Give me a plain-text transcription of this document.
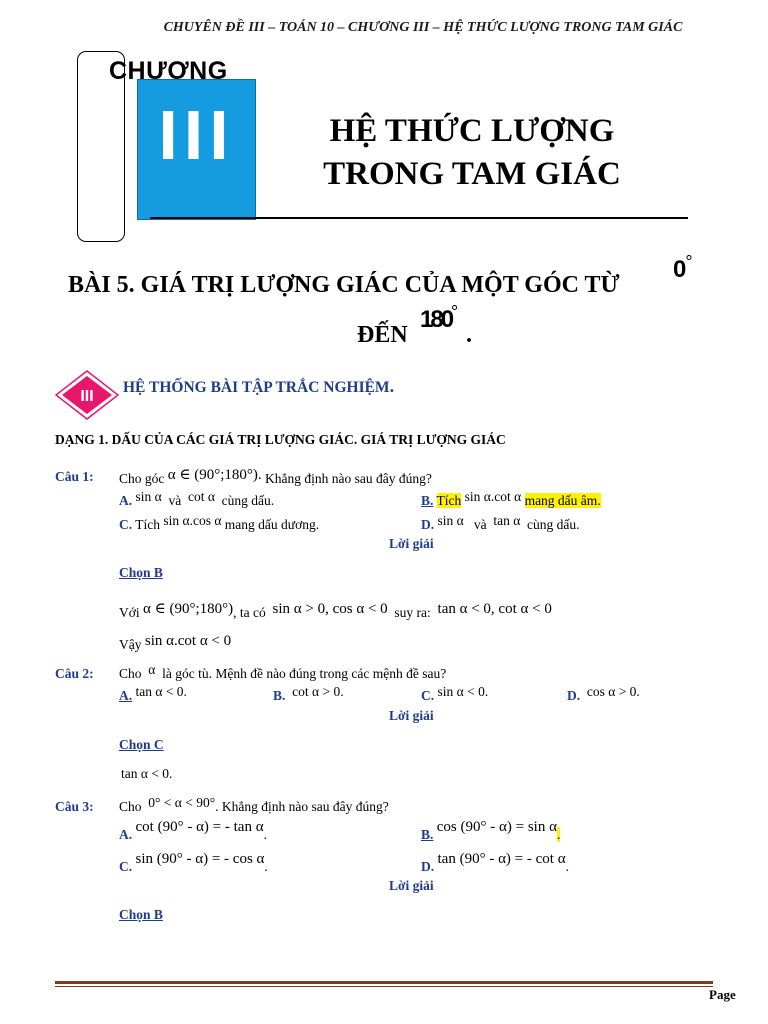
CHUYÊN ĐỀ III – TOÁN 10 – CHƯƠNG III – HỆ THỨC LƯỢNG TRONG TAM GIÁC
CHƯƠNG
III	HỆ THỨC LƯỢNG
TRONG TAM GIÁC
BÀI 5. GIÁ TRỊ LƯỢNG GIÁC CỦA MỘT GÓC TỪ
0°
ĐẾN
180°
.
III
HỆ THỐNG BÀI TẬP TRẮC NGHIỆM.
DẠNG 1. DẤU CỦA CÁC GIÁ TRỊ LƯỢNG GIÁC. GIÁ TRỊ LƯỢNG GIÁC
Câu 1: Cho góc α ∈ (90°;180°). Khẳng định nào sau đây đúng?
A. sin α và cot α cùng dấu.	B. Tích sin α.cot α mang dấu âm.
C. Tích sin α.cos α mang dấu dương.	D. sin α và tan α cùng dấu.
Lời giải
Chọn B
Với α ∈ (90°;180°), ta có sin α > 0, cos α < 0 suy ra: tan α < 0, cot α < 0
Vậy sin α.cot α < 0
Câu 2: Cho α là góc tù. Mệnh đề nào đúng trong các mệnh đề sau?
A. tan α < 0.	B. cot α > 0.	C. sin α < 0.	D. cos α > 0.
Lời giải
Chọn C
tan α < 0.
Câu 3: Cho 0° < α < 90°. Khẳng định nào sau đây đúng?
A. cot (90° - α) = - tan α.	B. cos (90° - α) = sin α.
C. sin (90° - α) = - cos α.	D. tan (90° - α) = - cot α.
Lời giải
Chọn B
Page
